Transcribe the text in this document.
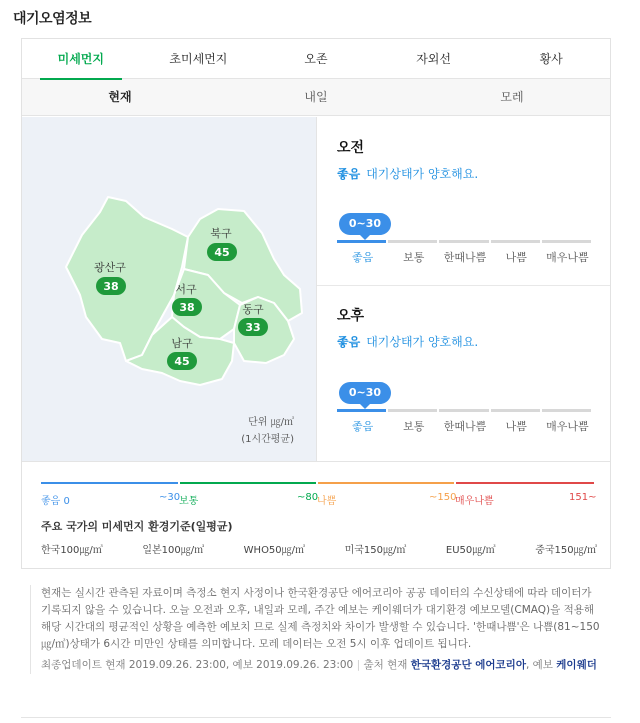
대기오염정보
미세먼지	초미세먼지	오존	자외선	황사
현재	내일	모레
광산구
38
북구
45
서구
38	동구
33
남구
45
단위 ㎍/㎥
(1시간평균)
오전
좋음 대기상태가 양호해요.
0~30
좋음	보통	한때나쁨	나쁨	매우나쁨
오후
좋음 대기상태가 양호해요.
0~30
좋음	보통	한때나쁨	나쁨	매우나쁨
좋음 0	~30
보통	~80
나쁨	~150
매우나쁨	151~
주요 국가의 미세먼지 환경기준(일평균)
한국100㎍/㎥	일본100㎍/㎥	WHO50㎍/㎥	미국150㎍/㎥	EU50㎍/㎥	중국150㎍/㎥
현재는 실시간 관측된 자료이며 측정소 현지 사정이나 한국환경공단 에어코리아 공공 데이터의 수신상태에 따라 데이터가 기록되지 않을 수 있습니다. 오늘 오전과 오후, 내일과 모레, 주간 예보는 케이웨더가 대기환경 예보모델(CMAQ)을 적용해 해당 시간대의 평균적인 상황을 예측한 예보치 므로 실제 측정치와 차이가 발생할 수 있습니다. '한때나쁨'은 나쁨(81~150㎍/㎥)상태가 6시간 미만인 상태를 의미합니다. 모레 데이터는 오전 5시 이후 업데이트 됩니다.
최종업데이트 현재 2019.09.26. 23:00, 예보 2019.09.26. 23:00 | 출처 현재 한국환경공단 에어코리아, 예보 케이웨더
